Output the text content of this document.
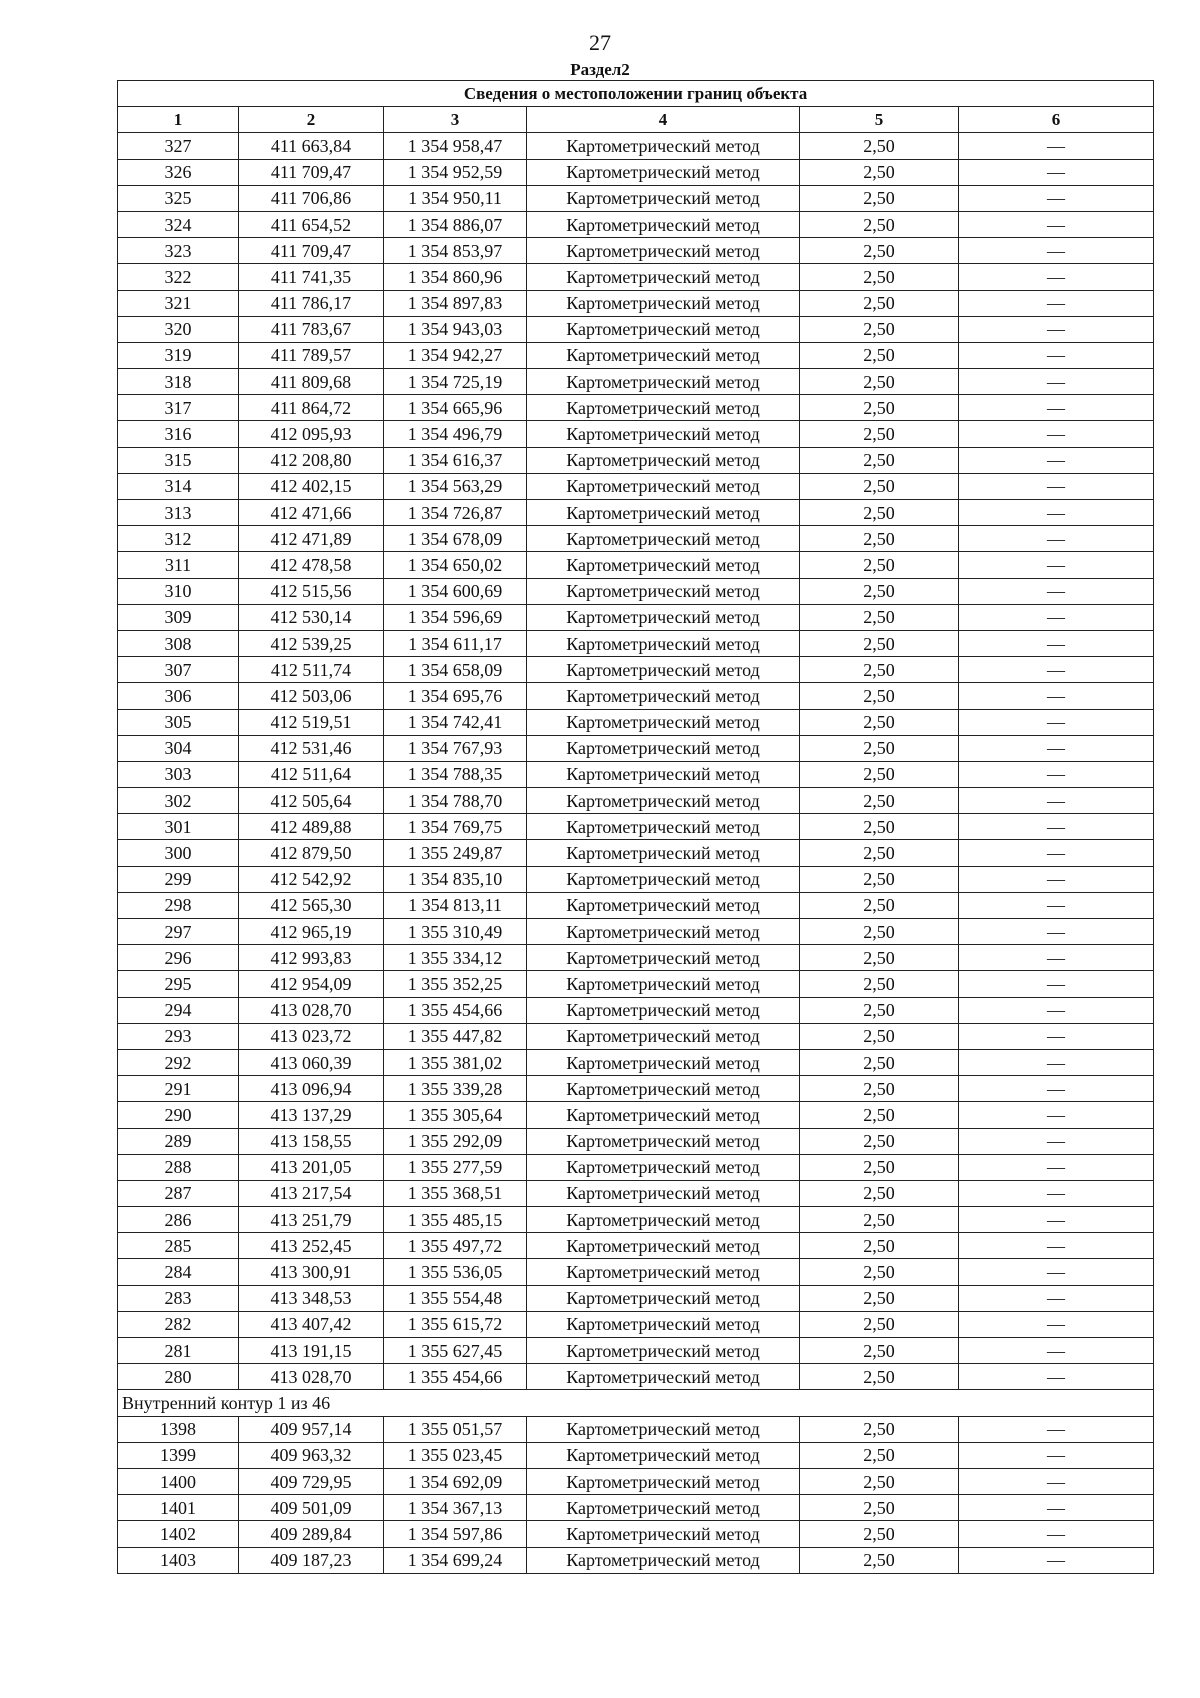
27
Раздел2
Сведения о местоположении границ объекта					
1	2	3	4	5	6
327	411 663,84	1 354 958,47	Картометрический метод	2,50	—
326	411 709,47	1 354 952,59	Картометрический метод	2,50	—
325	411 706,86	1 354 950,11	Картометрический метод	2,50	—
324	411 654,52	1 354 886,07	Картометрический метод	2,50	—
323	411 709,47	1 354 853,97	Картометрический метод	2,50	—
322	411 741,35	1 354 860,96	Картометрический метод	2,50	—
321	411 786,17	1 354 897,83	Картометрический метод	2,50	—
320	411 783,67	1 354 943,03	Картометрический метод	2,50	—
319	411 789,57	1 354 942,27	Картометрический метод	2,50	—
318	411 809,68	1 354 725,19	Картометрический метод	2,50	—
317	411 864,72	1 354 665,96	Картометрический метод	2,50	—
316	412 095,93	1 354 496,79	Картометрический метод	2,50	—
315	412 208,80	1 354 616,37	Картометрический метод	2,50	—
314	412 402,15	1 354 563,29	Картометрический метод	2,50	—
313	412 471,66	1 354 726,87	Картометрический метод	2,50	—
312	412 471,89	1 354 678,09	Картометрический метод	2,50	—
311	412 478,58	1 354 650,02	Картометрический метод	2,50	—
310	412 515,56	1 354 600,69	Картометрический метод	2,50	—
309	412 530,14	1 354 596,69	Картометрический метод	2,50	—
308	412 539,25	1 354 611,17	Картометрический метод	2,50	—
307	412 511,74	1 354 658,09	Картометрический метод	2,50	—
306	412 503,06	1 354 695,76	Картометрический метод	2,50	—
305	412 519,51	1 354 742,41	Картометрический метод	2,50	—
304	412 531,46	1 354 767,93	Картометрический метод	2,50	—
303	412 511,64	1 354 788,35	Картометрический метод	2,50	—
302	412 505,64	1 354 788,70	Картометрический метод	2,50	—
301	412 489,88	1 354 769,75	Картометрический метод	2,50	—
300	412 879,50	1 355 249,87	Картометрический метод	2,50	—
299	412 542,92	1 354 835,10	Картометрический метод	2,50	—
298	412 565,30	1 354 813,11	Картометрический метод	2,50	—
297	412 965,19	1 355 310,49	Картометрический метод	2,50	—
296	412 993,83	1 355 334,12	Картометрический метод	2,50	—
295	412 954,09	1 355 352,25	Картометрический метод	2,50	—
294	413 028,70	1 355 454,66	Картометрический метод	2,50	—
293	413 023,72	1 355 447,82	Картометрический метод	2,50	—
292	413 060,39	1 355 381,02	Картометрический метод	2,50	—
291	413 096,94	1 355 339,28	Картометрический метод	2,50	—
290	413 137,29	1 355 305,64	Картометрический метод	2,50	—
289	413 158,55	1 355 292,09	Картометрический метод	2,50	—
288	413 201,05	1 355 277,59	Картометрический метод	2,50	—
287	413 217,54	1 355 368,51	Картометрический метод	2,50	—
286	413 251,79	1 355 485,15	Картометрический метод	2,50	—
285	413 252,45	1 355 497,72	Картометрический метод	2,50	—
284	413 300,91	1 355 536,05	Картометрический метод	2,50	—
283	413 348,53	1 355 554,48	Картометрический метод	2,50	—
282	413 407,42	1 355 615,72	Картометрический метод	2,50	—
281	413 191,15	1 355 627,45	Картометрический метод	2,50	—
280	413 028,70	1 355 454,66	Картометрический метод	2,50	—
Внутренний контур 1 из 46					
1398	409 957,14	1 355 051,57	Картометрический метод	2,50	—
1399	409 963,32	1 355 023,45	Картометрический метод	2,50	—
1400	409 729,95	1 354 692,09	Картометрический метод	2,50	—
1401	409 501,09	1 354 367,13	Картометрический метод	2,50	—
1402	409 289,84	1 354 597,86	Картометрический метод	2,50	—
1403	409 187,23	1 354 699,24	Картометрический метод	2,50	—
